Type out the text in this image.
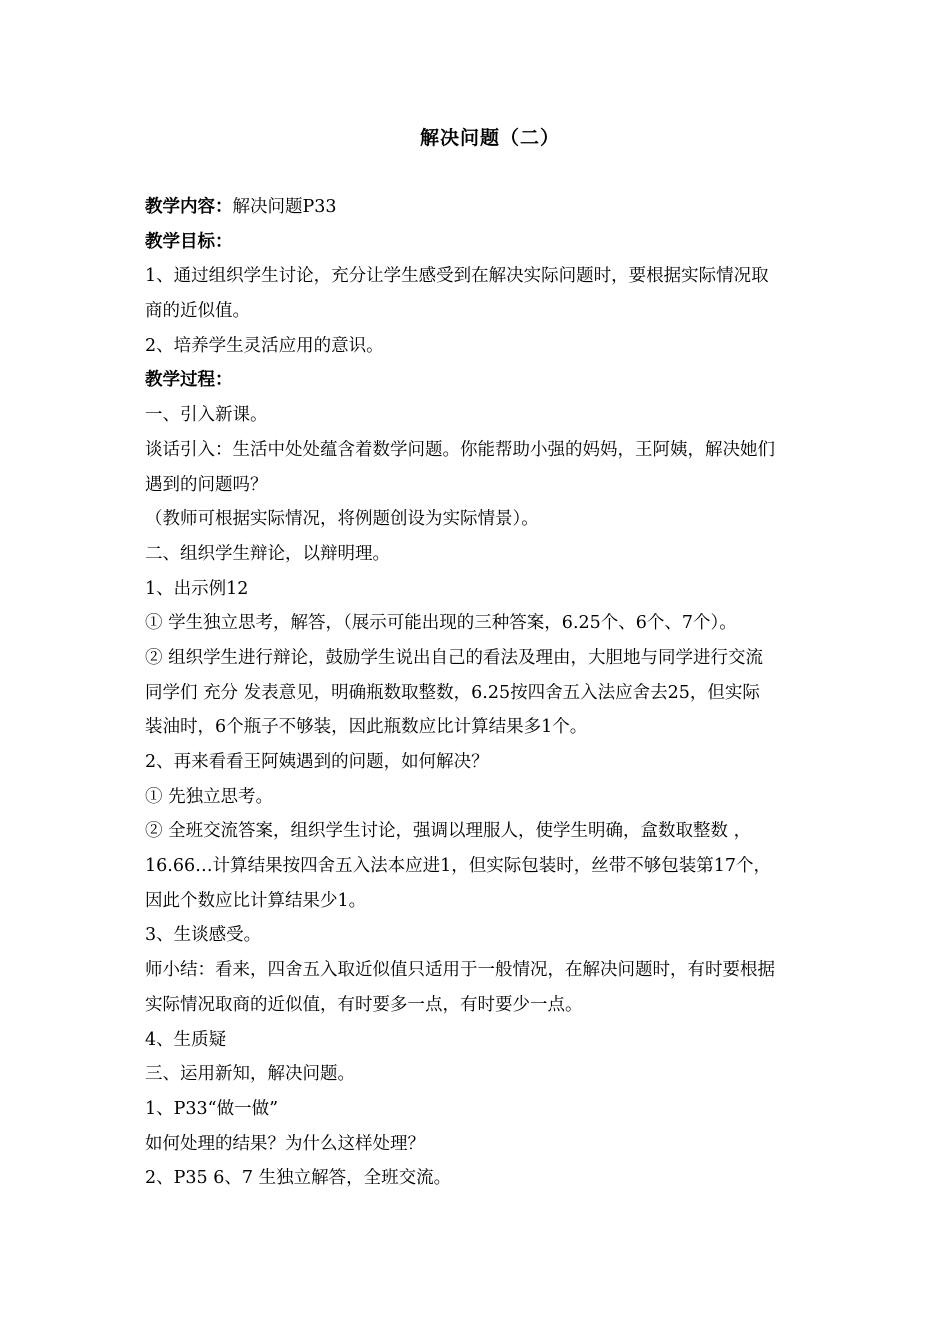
解决问题（二）
教学内容：解决问题P33
教学目标：
1、通过组织学生讨论，充分让学生感受到在解决实际问题时，要根据实际情况取
商的近似值。
2、培养学生灵活应用的意识。
教学过程：
一、引入新课。
谈话引入：生活中处处蕴含着数学问题。你能帮助小强的妈妈，王阿姨，解决她们
遇到的问题吗？
（教师可根据实际情况，将例题创设为实际情景）。
二、组织学生辩论，以辩明理。
1、出示例12
① 学生独立思考，解答，（展示可能出现的三种答案，6.25个、6个、7个）。
② 组织学生进行辩论，鼓励学生说出自己的看法及理由，大胆地与同学进行交流
同学们 充分 发表意见，明确瓶数取整数，6.25按四舍五入法应舍去25，但实际
装油时，6个瓶子不够装，因此瓶数应比计算结果多1个。
2、再来看看王阿姨遇到的问题，如何解决？
① 先独立思考。
② 全班交流答案，组织学生讨论，强调以理服人，使学生明确，盒数取整数 ，
16.66…计算结果按四舍五入法本应进1，但实际包装时，丝带不够包装第17个，
因此个数应比计算结果少1。
3、生谈感受。
师小结：看来，四舍五入取近似值只适用于一般情况，在解决问题时，有时要根据
实际情况取商的近似值，有时要多一点，有时要少一点。
4、生质疑
三、运用新知，解决问题。
1、P33“做一做”
如何处理的结果？为什么这样处理？
2、P35 6、7 生独立解答，全班交流。
